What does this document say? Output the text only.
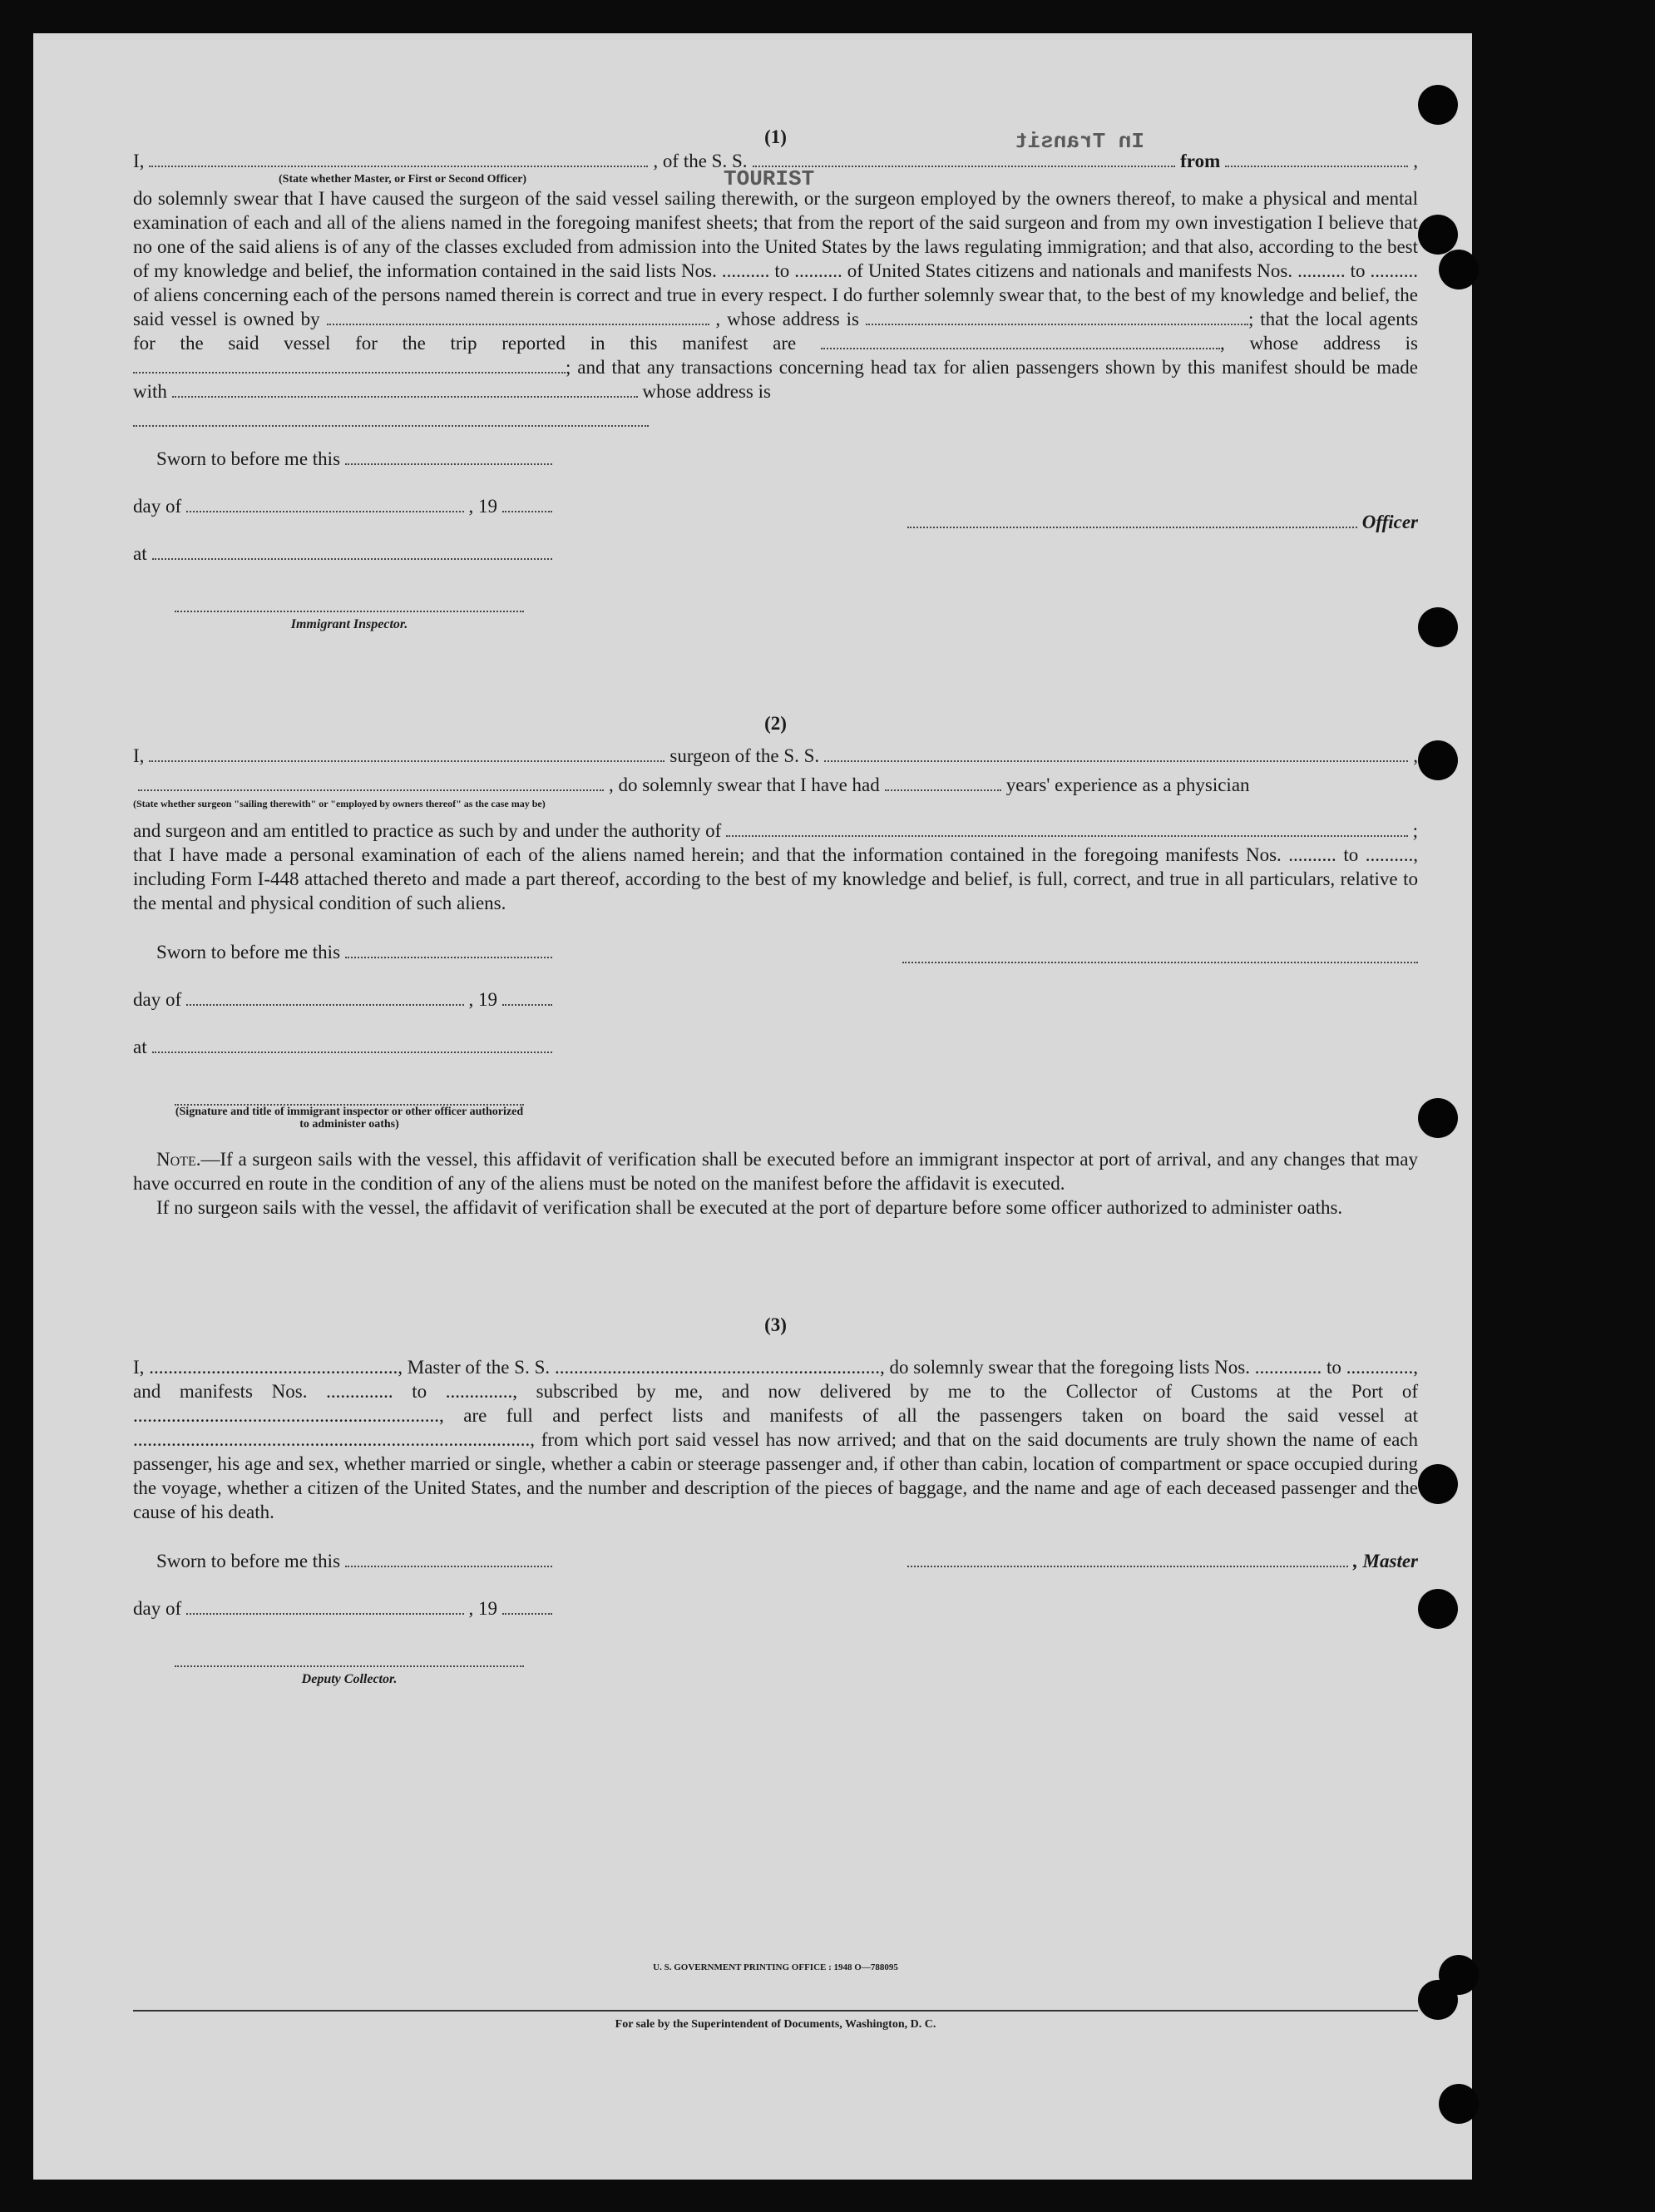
In Transit
TOURIST
(1)
I,	, of the S. S.	from	,
(State whether Master, or First or Second Officer)

do solemnly swear that I have caused the surgeon of the said vessel sailing therewith, or the surgeon employed by the owners thereof, to make a physical and mental examination of each and all of the aliens named in the foregoing manifest sheets; that from the report of the said surgeon and from my own investigation I believe that no one of the said aliens is of any of the classes excluded from admission into the United States by the laws regulating immigration; and that also, according to the best of my knowledge and belief, the information contained in the said lists Nos. .......... to .......... of United States citizens and nationals and manifests Nos. .......... to .......... of aliens concerning each of the persons named therein is correct and true in every respect. I do further solemnly swear that, to the best of my knowledge and belief, the said vessel is owned by	, whose address is	; that the local agents for the said vessel for the trip reported in this manifest are	, whose address is ; and that any transactions concerning head tax for alien passengers shown by this manifest should be made with	whose address is

Sworn to before me this
day of	, 19
at
Immigrant Inspector.
Officer
(2)
I,	surgeon of the S. S.	,
, do solemnly swear that I have had	years' experience as a physician
(State whether surgeon "sailing therewith" or "employed by owners thereof" as the case may be)
and surgeon and am entitled to practice as such by and under the authority of	;

that I have made a personal examination of each of the aliens named herein; and that the information contained in the foregoing manifests Nos. .......... to .........., including Form I-448 attached thereto and made a part thereof, according to the best of my knowledge and belief, is full, correct, and true in all particulars, relative to the mental and physical condition of such aliens.

Sworn to before me this
day of	, 19
at
(Signature and title of immigrant inspector or other officer authorized to administer oaths)

Note.—If a surgeon sails with the vessel, this affidavit of verification shall be executed before an immigrant inspector at port of arrival, and any changes that may have occurred en route in the condition of any of the aliens must be noted on the manifest before the affidavit is executed.

If no surgeon sails with the vessel, the affidavit of verification shall be executed at the port of departure before some officer authorized to administer oaths.

(3)

I, ...................................................., Master of the S. S. ...................................................................., do solemnly swear that the foregoing lists Nos. .............. to .............., and manifests Nos. .............. to .............., subscribed by me, and now delivered by me to the Collector of Customs at the Port of ................................................................, are full and perfect lists and manifests of all the passengers taken on board the said vessel at ..................................................................................., from which port said vessel has now arrived; and that on the said documents are truly shown the name of each passenger, his age and sex, whether married or single, whether a cabin or steerage passenger and, if other than cabin, location of compartment or space occupied during the voyage, whether a citizen of the United States, and the number and description of the pieces of baggage, and the name and age of each deceased passenger and the cause of his death.

Sworn to before me this
day of	, 19
Deputy Collector.
, Master
U. S. GOVERNMENT PRINTING OFFICE : 1948 O—788095
For sale by the Superintendent of Documents, Washington, D. C.
